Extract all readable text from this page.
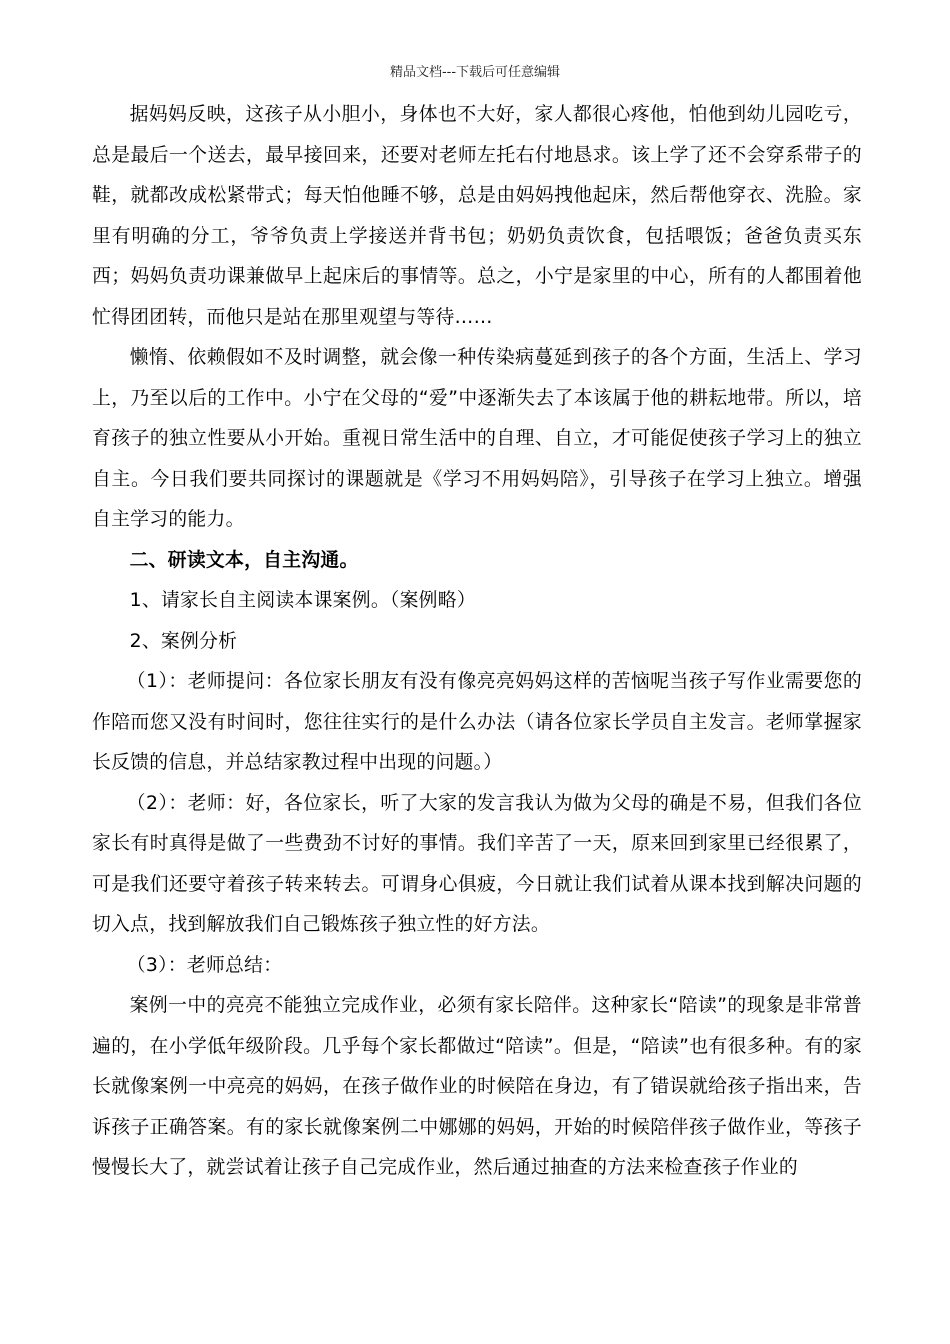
精品文档---下载后可任意编辑

据妈妈反映，这孩子从小胆小，身体也不大好，家人都很心疼他，怕他到幼儿园吃亏，总是最后一个送去，最早接回来，还要对老师左托右付地恳求。该上学了还不会穿系带子的鞋，就都改成松紧带式；每天怕他睡不够，总是由妈妈拽他起床，然后帮他穿衣、洗脸。家里有明确的分工，爷爷负责上学接送并背书包；奶奶负责饮食，包括喂饭；爸爸负责买东西；妈妈负责功课兼做早上起床后的事情等。总之，小宁是家里的中心，所有的人都围着他忙得团团转，而他只是站在那里观望与等待……

懒惰、依赖假如不及时调整，就会像一种传染病蔓延到孩子的各个方面，生活上、学习上，乃至以后的工作中。小宁在父母的“爱”中逐渐失去了本该属于他的耕耘地带。所以，培育孩子的独立性要从小开始。重视日常生活中的自理、自立，才可能促使孩子学习上的独立自主。今日我们要共同探讨的课题就是《学习不用妈妈陪》，引导孩子在学习上独立。增强自主学习的能力。

二、研读文本，自主沟通。

1、请家长自主阅读本课案例。（案例略）

2、案例分析

（1）：老师提问：各位家长朋友有没有像亮亮妈妈这样的苦恼呢当孩子写作业需要您的作陪而您又没有时间时，您往往实行的是什么办法（请各位家长学员自主发言。老师掌握家长反馈的信息，并总结家教过程中出现的问题。）

（2）：老师：好，各位家长，听了大家的发言我认为做为父母的确是不易，但我们各位家长有时真得是做了一些费劲不讨好的事情。我们辛苦了一天，原来回到家里已经很累了，可是我们还要守着孩子转来转去。可谓身心俱疲，今日就让我们试着从课本找到解决问题的切入点，找到解放我们自己锻炼孩子独立性的好方法。

（3）：老师总结：

案例一中的亮亮不能独立完成作业，必须有家长陪伴。这种家长“陪读”的现象是非常普遍的，在小学低年级阶段。几乎每个家长都做过“陪读”。但是，“陪读”也有很多种。有的家长就像案例一中亮亮的妈妈，在孩子做作业的时候陪在身边，有了错误就给孩子指出来，告诉孩子正确答案。有的家长就像案例二中娜娜的妈妈，开始的时候陪伴孩子做作业，等孩子慢慢长大了，就尝试着让孩子自己完成作业，然后通过抽查的方法来检查孩子作业的
